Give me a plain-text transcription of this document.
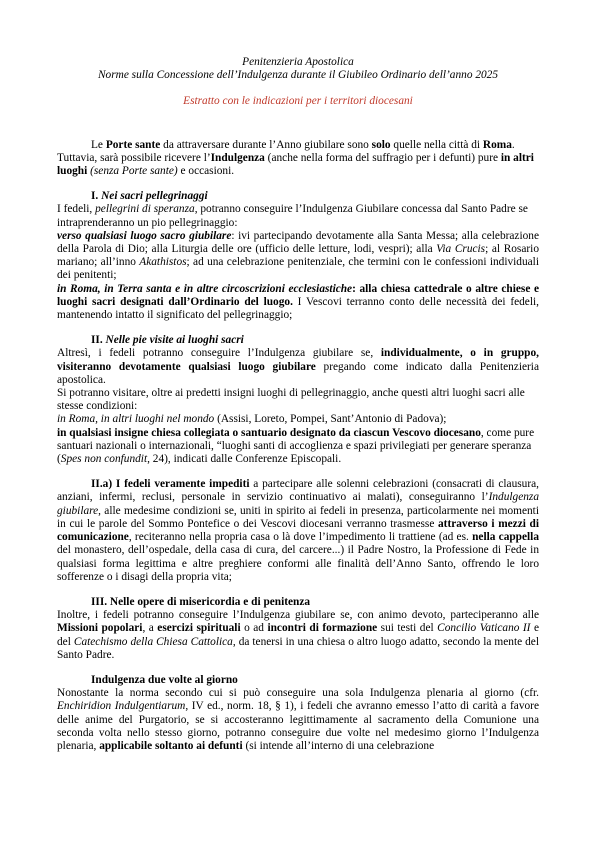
Penitenzieria Apostolica

Norme sulla Concessione dell’Indulgenza durante il Giubileo Ordinario dell’anno 2025

Estratto con le indicazioni per i territori diocesani

Le Porte sante da attraversare durante l’Anno giubilare sono solo quelle nella città di Roma.

Tuttavia, sarà possibile ricevere l’Indulgenza (anche nella forma del suffragio per i defunti) pure in altri luoghi (senza Porte sante) e occasioni.

I. Nei sacri pellegrinaggi

I fedeli, pellegrini di speranza, potranno conseguire l’Indulgenza Giubilare concessa dal Santo Padre se intraprenderanno un pio pellegrinaggio:

verso qualsiasi luogo sacro giubilare: ivi partecipando devotamente alla Santa Messa; alla celebrazione della Parola di Dio; alla Liturgia delle ore (ufficio delle letture, lodi, vespri); alla Via Crucis; al Rosario mariano; all’inno Akathistos; ad una celebrazione penitenziale, che termini con le confessioni individuali dei penitenti;

in Roma, in Terra santa e in altre circoscrizioni ecclesiastiche: alla chiesa cattedrale o altre chiese e luoghi sacri designati dall’Ordinario del luogo. I Vescovi terranno conto delle necessità dei fedeli, mantenendo intatto il significato del pellegrinaggio;

II. Nelle pie visite ai luoghi sacri

Altresì, i fedeli potranno conseguire l’Indulgenza giubilare se, individualmente, o in gruppo, visiteranno devotamente qualsiasi luogo giubilare pregando come indicato dalla Penitenzieria apostolica.

Si potranno visitare, oltre ai predetti insigni luoghi di pellegrinaggio, anche questi altri luoghi sacri alle stesse condizioni:

in Roma, in altri luoghi nel mondo (Assisi, Loreto, Pompei, Sant’Antonio di Padova);

in qualsiasi insigne chiesa collegiata o santuario designato da ciascun Vescovo diocesano, come pure santuari nazionali o internazionali, “luoghi santi di accoglienza e spazi privilegiati per generare speranza (Spes non confundit, 24), indicati dalle Conferenze Episcopali.

II.a) I fedeli veramente impediti a partecipare alle solenni celebrazioni (consacrati di clausura, anziani, infermi, reclusi, personale in servizio continuativo ai malati), conseguiranno l’Indulgenza giubilare, alle medesime condizioni se, uniti in spirito ai fedeli in presenza, particolarmente nei momenti in cui le parole del Sommo Pontefice o dei Vescovi diocesani verranno trasmesse attraverso i mezzi di comunicazione, reciteranno nella propria casa o là dove l’impedimento li trattiene (ad es. nella cappella del monastero, dell’ospedale, della casa di cura, del carcere...) il Padre Nostro, la Professione di Fede in qualsiasi forma legittima e altre preghiere conformi alle finalità dell’Anno Santo, offrendo le loro sofferenze o i disagi della propria vita;

III. Nelle opere di misericordia e di penitenza

Inoltre, i fedeli potranno conseguire l’Indulgenza giubilare se, con animo devoto, parteciperanno alle Missioni popolari, a esercizi spirituali o ad incontri di formazione sui testi del Concilio Vaticano II e del Catechismo della Chiesa Cattolica, da tenersi in una chiesa o altro luogo adatto, secondo la mente del Santo Padre.

Indulgenza due volte al giorno

Nonostante la norma secondo cui si può conseguire una sola Indulgenza plenaria al giorno (cfr. Enchiridion Indulgentiarum, IV ed., norm. 18, § 1), i fedeli che avranno emesso l’atto di carità a favore delle anime del Purgatorio, se si accosteranno legittimamente al sacramento della Comunione una seconda volta nello stesso giorno, potranno conseguire due volte nel medesimo giorno l’Indulgenza plenaria, applicabile soltanto ai defunti (si intende all’interno di una celebrazione
